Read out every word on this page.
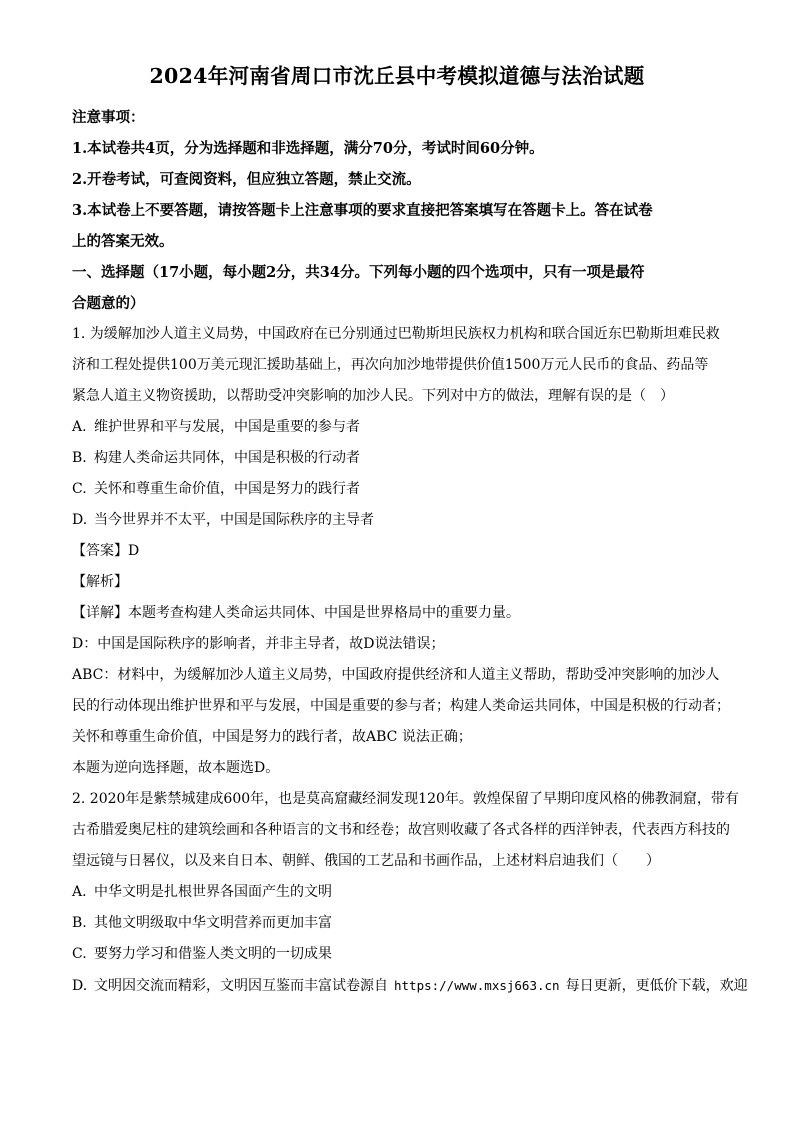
2024年河南省周口市沈丘县中考模拟道德与法治试题
注意事项：
1.本试卷共4页，分为选择题和非选择题，满分70分，考试时间60分钟。
2.开卷考试，可查阅资料，但应独立答题，禁止交流。
3.本试卷上不要答题，请按答题卡上注意事项的要求直接把答案填写在答题卡上。答在试卷
上的答案无效。
一、选择题（17小题，每小题2分，共34分。下列每小题的四个选项中，只有一项是最符
合题意的）
1. 为缓解加沙人道主义局势，中国政府在已分别通过巴勒斯坦民族权力机构和联合国近东巴勒斯坦难民救
济和工程处提供100万美元现汇援助基础上，再次向加沙地带提供价值1500万元人民币的食品、药品等
紧急人道主义物资援助，以帮助受冲突影响的加沙人民。下列对中方的做法，理解有误的是（　）
A. 维护世界和平与发展，中国是重要的参与者
B. 构建人类命运共同体，中国是积极的行动者
C. 关怀和尊重生命价值，中国是努力的践行者
D. 当今世界并不太平，中国是国际秩序的主导者
【答案】D
【解析】
【详解】本题考查构建人类命运共同体、中国是世界格局中的重要力量。
D：中国是国际秩序的影响者，并非主导者，故D说法错误；
ABC：材料中，为缓解加沙人道主义局势，中国政府提供经济和人道主义帮助，帮助受冲突影响的加沙人
民的行动体现出维护世界和平与发展，中国是重要的参与者；构建人类命运共同体，中国是积极的行动者；
关怀和尊重生命价值，中国是努力的践行者，故ABC 说法正确；
本题为逆向选择题，故本题选D。
2. 2020年是紫禁城建成600年，也是莫高窟藏经洞发现120年。敦煌保留了早期印度风格的佛教洞窟，带有
古希腊爱奥尼柱的建筑绘画和各种语言的文书和经卷；故宫则收藏了各式各样的西洋钟表，代表西方科技的
望远镜与日晷仪，以及来自日本、朝鲜、俄国的工艺品和书画作品，上述材料启迪我们（　　）
A. 中华文明是扎根世界各国面产生的文明
B. 其他文明级取中华文明营养而更加丰富
C. 要努力学习和借鉴人类文明的一切成果
D. 文明因交流而精彩，文明因互鉴而丰富试卷源自 https://www.mxsj663.cn 每日更新，更低价下载，欢迎
